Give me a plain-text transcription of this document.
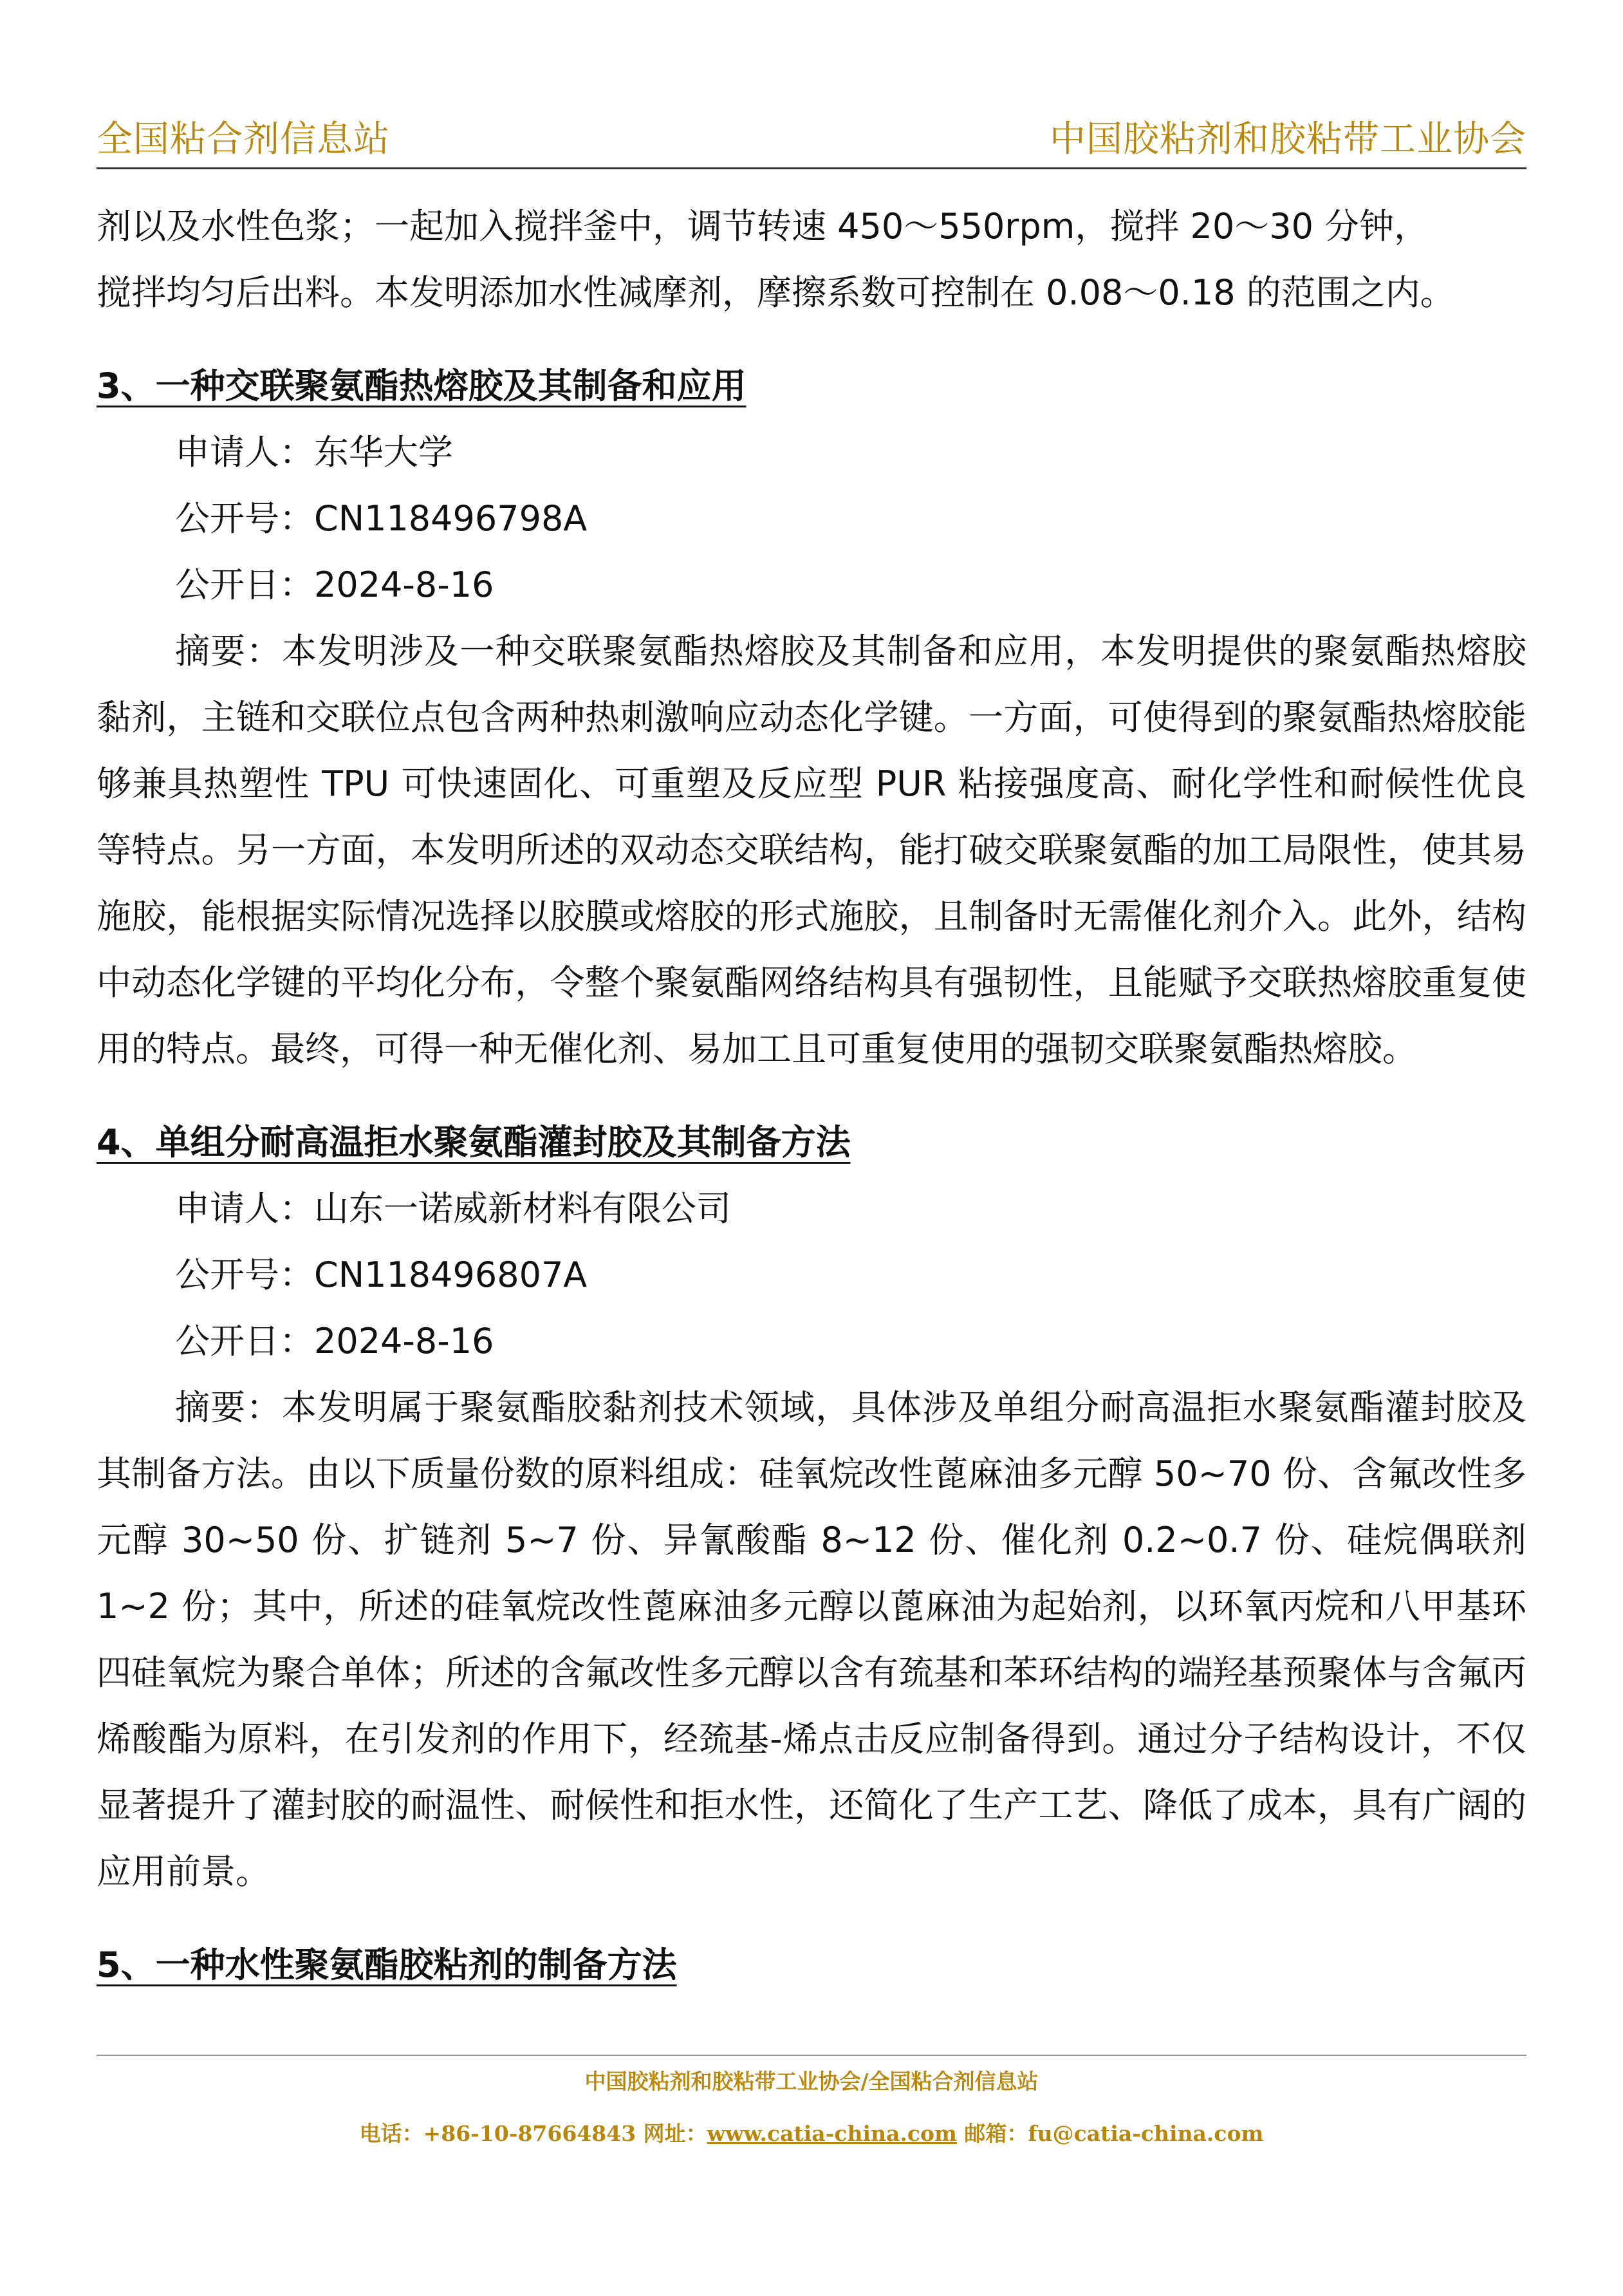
全国粘合剂信息站	中国胶粘剂和胶粘带工业协会

剂以及水性色浆；一起加入搅拌釜中，调节转速 450～550rpm，搅拌 20～30 分钟，

搅拌均匀后出料。本发明添加水性减摩剂，摩擦系数可控制在 0.08～0.18 的范围之内。

3、一种交联聚氨酯热熔胶及其制备和应用

申请人：东华大学

公开号：CN118496798A

公开日：2024-8-16

摘要：本发明涉及一种交联聚氨酯热熔胶及其制备和应用，本发明提供的聚氨酯热熔胶黏剂，主链和交联位点包含两种热刺激响应动态化学键。一方面，可使得到的聚氨酯热熔胶能够兼具热塑性 TPU 可快速固化、可重塑及反应型 PUR 粘接强度高、耐化学性和耐候性优良等特点。另一方面，本发明所述的双动态交联结构，能打破交联聚氨酯的加工局限性，使其易施胶，能根据实际情况选择以胶膜或熔胶的形式施胶，且制备时无需催化剂介入。此外，结构中动态化学键的平均化分布，令整个聚氨酯网络结构具有强韧性，且能赋予交联热熔胶重复使用的特点。最终，可得一种无催化剂、易加工且可重复使用的强韧交联聚氨酯热熔胶。

4、单组分耐高温拒水聚氨酯灌封胶及其制备方法

申请人：山东一诺威新材料有限公司

公开号：CN118496807A

公开日：2024-8-16

摘要：本发明属于聚氨酯胶黏剂技术领域，具体涉及单组分耐高温拒水聚氨酯灌封胶及其制备方法。由以下质量份数的原料组成：硅氧烷改性蓖麻油多元醇 50~70 份、含氟改性多元醇 30~50 份、扩链剂 5~7 份、异氰酸酯 8~12 份、催化剂 0.2~0.7 份、硅烷偶联剂 1~2 份；其中，所述的硅氧烷改性蓖麻油多元醇以蓖麻油为起始剂，以环氧丙烷和八甲基环四硅氧烷为聚合单体；所述的含氟改性多元醇以含有巯基和苯环结构的端羟基预聚体与含氟丙烯酸酯为原料，在引发剂的作用下，经巯基-烯点击反应制备得到。通过分子结构设计，不仅显著提升了灌封胶的耐温性、耐候性和拒水性，还简化了生产工艺、降低了成本，具有广阔的应用前景。

5、一种水性聚氨酯胶粘剂的制备方法
中国胶粘剂和胶粘带工业协会/全国粘合剂信息站
电话：+86-10-87664843 网址：www.catia-china.com 邮箱：fu@catia-china.com
